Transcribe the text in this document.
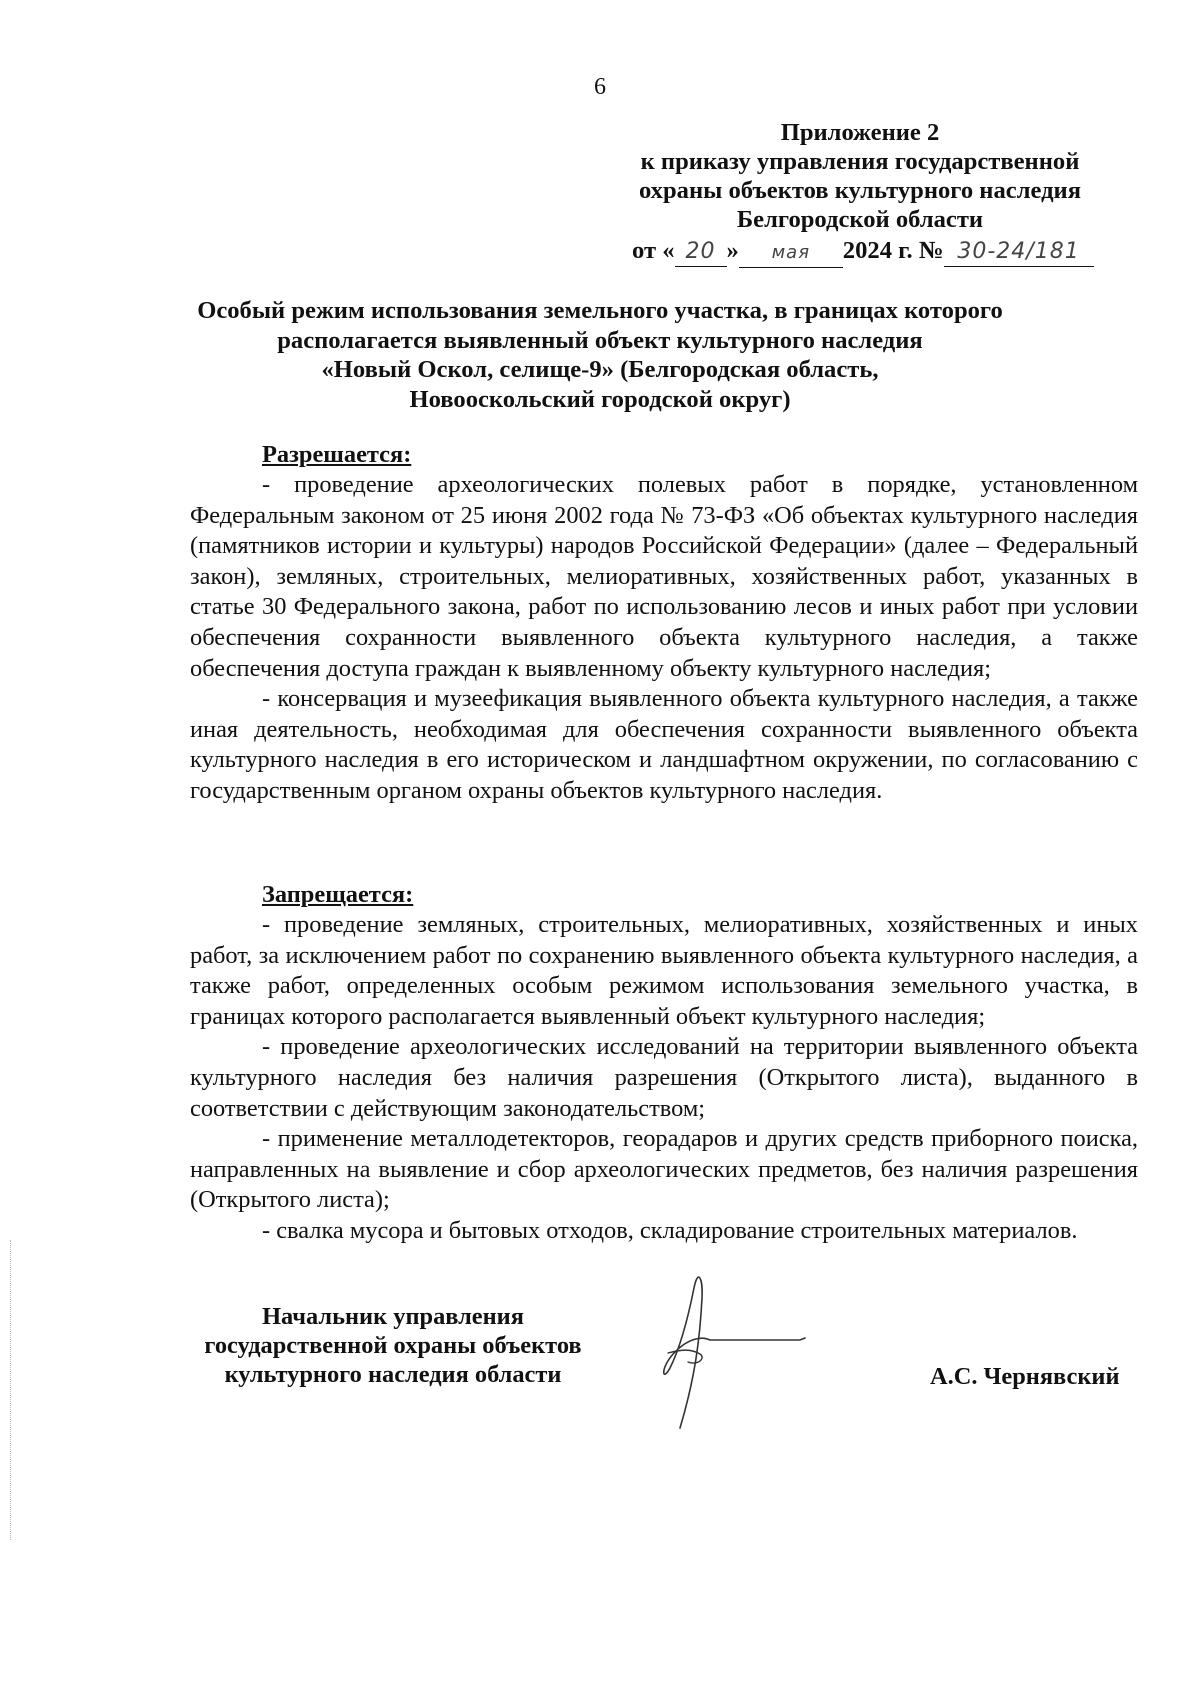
6
Приложение 2
к приказу управления государственной
охраны объектов культурного наследия
Белгородской области
от « 20 » мая 2024 г. № 30-24/181
Особый режим использования земельного участка, в границах которого
располагается выявленный объект культурного наследия
«Новый Оскол, селище-9» (Белгородская область,
Новооскольский городской округ)
Разрешается:

- проведение археологических полевых работ в порядке, установленном Федеральным законом от 25 июня 2002 года № 73-ФЗ «Об объектах культурного наследия (памятников истории и культуры) народов Российской Федерации» (далее – Федеральный закон), земляных, строительных, мелиоративных, хозяйственных работ, указанных в статье 30 Федерального закона, работ по использованию лесов и иных работ при условии обеспечения сохранности выявленного объекта культурного наследия, а также обеспечения доступа граждан к выявленному объекту культурного наследия;

- консервация и музеефикация выявленного объекта культурного наследия, а также иная деятельность, необходимая для обеспечения сохранности выявленного объекта культурного наследия в его историческом и ландшафтном окружении, по согласованию с государственным органом охраны объектов культурного наследия.

Запрещается:

- проведение земляных, строительных, мелиоративных, хозяйственных и иных работ, за исключением работ по сохранению выявленного объекта культурного наследия, а также работ, определенных особым режимом использования земельного участка, в границах которого располагается выявленный объект культурного наследия;

- проведение археологических исследований на территории выявленного объекта культурного наследия без наличия разрешения (Открытого листа), выданного в соответствии с действующим законодательством;

- применение металлодетекторов, георадаров и других средств приборного поиска, направленных на выявление и сбор археологических предметов, без наличия разрешения (Открытого листа);

- свалка мусора и бытовых отходов, складирование строительных материалов.

Начальник управления
государственной охраны объектов
культурного наследия области	А.С. Чернявский
